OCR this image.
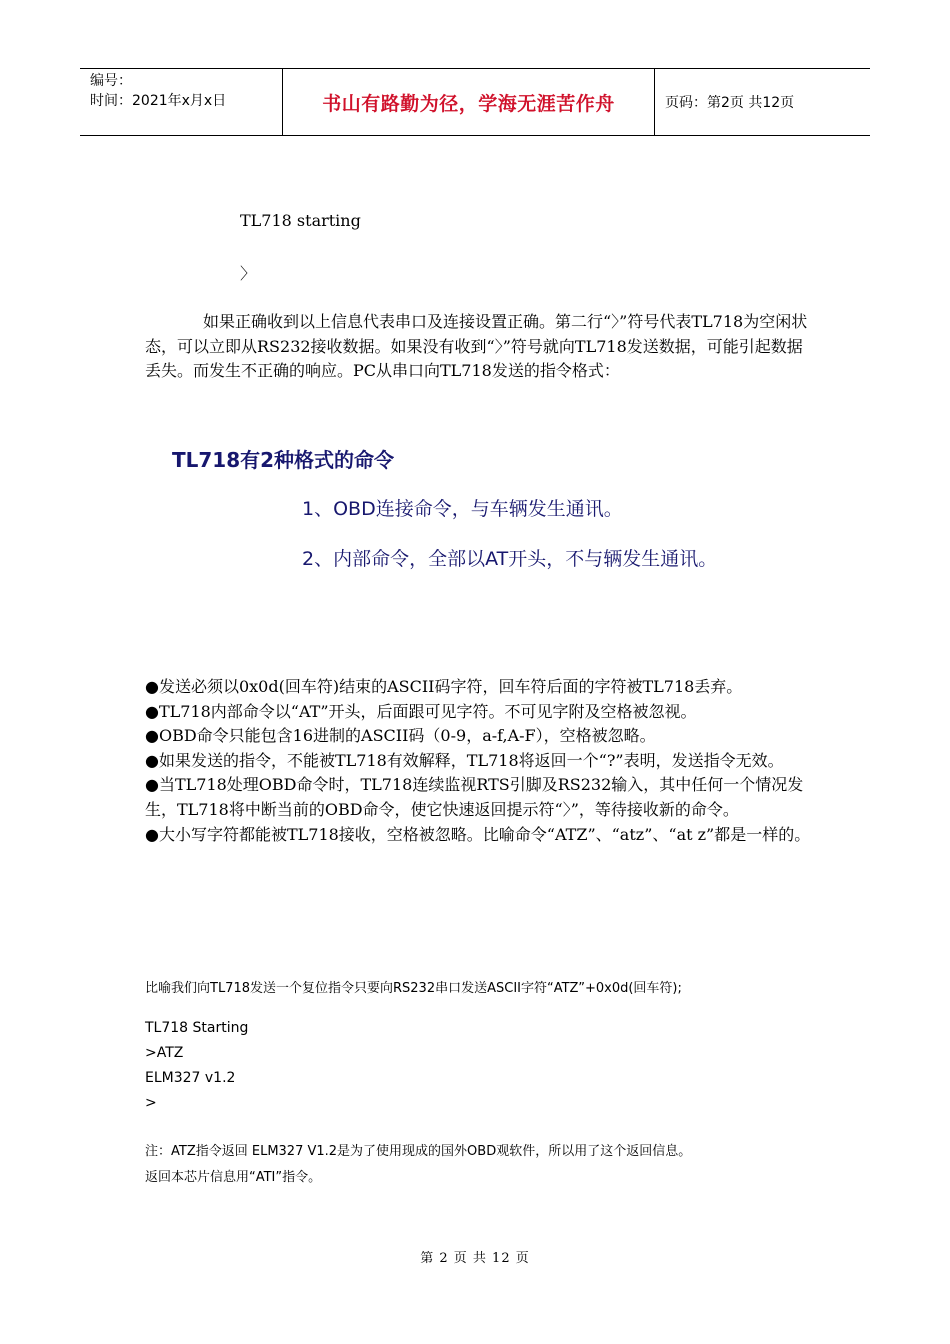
编号：
时间：2021年x月x日	书山有路勤为径，学海无涯苦作舟	页码：第2页 共12页
TL718 starting
〉
如果正确收到以上信息代表串口及连接设置正确。第二行“〉”符号代表TL718为空闲状态，可以立即从RS232接收数据。如果没有收到“〉”符号就向TL718发送数据，可能引起数据丢失。而发生不正确的响应。PC从串口向TL718发送的指令格式：
TL718有2种格式的命令
1、OBD连接命令，与车辆发生通讯。
2、内部命令，全部以AT开头，不与辆发生通讯。

●发送必须以0x0d(回车符)结束的ASCII码字符，回车符后面的字符被TL718丢弃。

●TL718内部命令以“AT”开头，后面跟可见字符。不可见字附及空格被忽视。

●OBD命令只能包含16进制的ASCII码（0-9，a-f,A-F），空格被忽略。

●如果发送的指令，不能被TL718有效解释，TL718将返回一个“?”表明，发送指令无效。

●当TL718处理OBD命令时，TL718连续监视RTS引脚及RS232输入，其中任何一个情况发生，TL718将中断当前的OBD命令，使它快速返回提示符“〉”，等待接收新的命令。

●大小写字符都能被TL718接收，空格被忽略。比喻命令“ATZ”、“atz”、“at z”都是一样的。

比喻我们向TL718发送一个复位指令只要向RS232串口发送ASCII字符“ATZ”+0x0d(回车符);
TL718 Starting
>ATZ
ELM327 v1.2
>
注：ATZ指令返回 ELM327 V1.2是为了使用现成的国外OBD观软件，所以用了这个返回信息。
返回本芯片信息用“ATI”指令。
第 2 页 共 12 页
